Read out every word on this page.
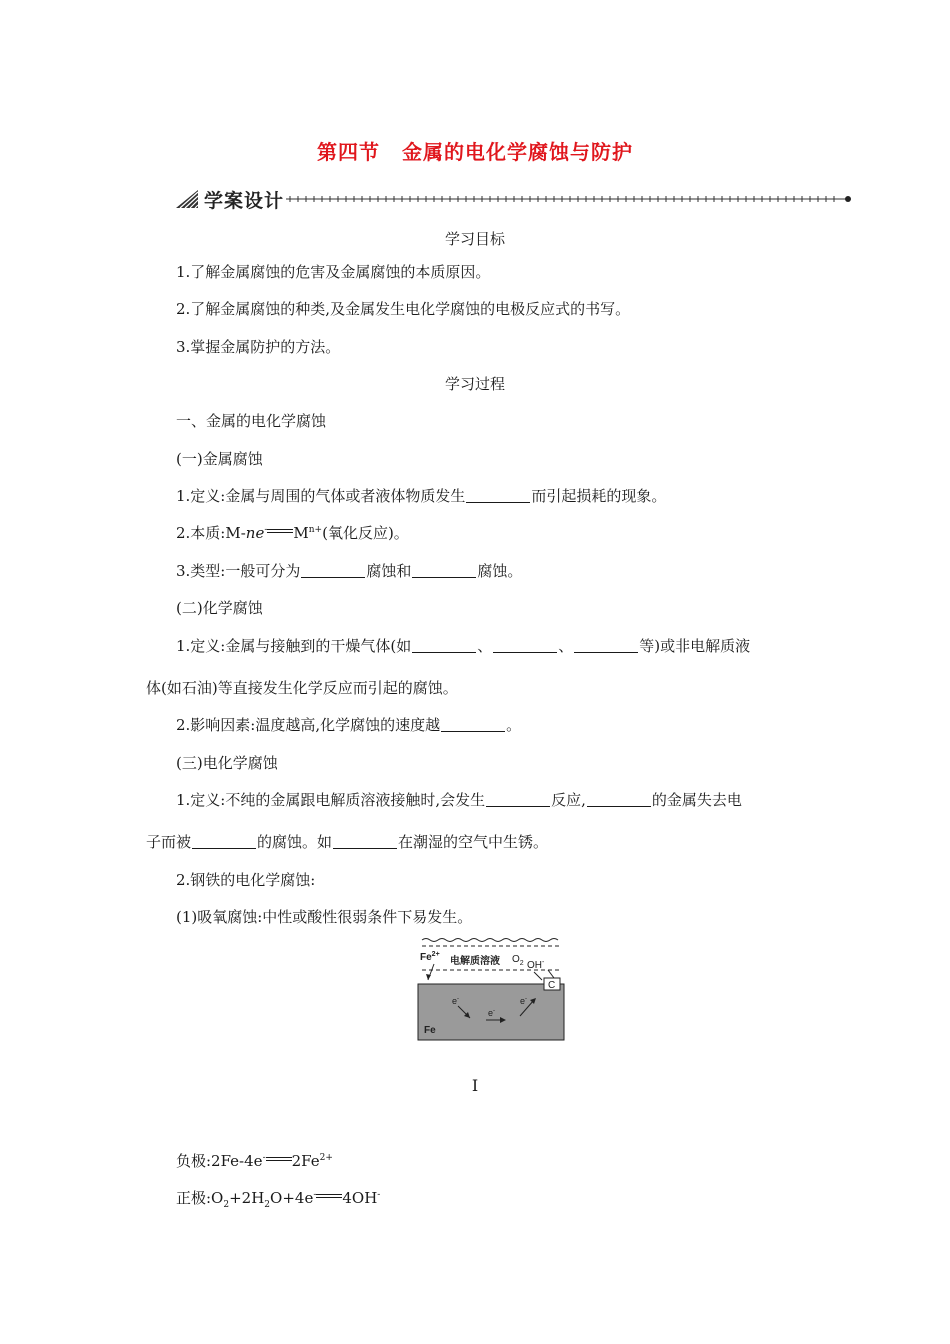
第四节 金属的电化学腐蚀与防护
学案设计
学习目标
1.了解金属腐蚀的危害及金属腐蚀的本质原因。
2.了解金属腐蚀的种类,及金属发生电化学腐蚀的电极反应式的书写。
3.掌握金属防护的方法。
学习过程
一、金属的电化学腐蚀
(一)金属腐蚀
1.定义:金属与周围的气体或者液体物质发生	而引起损耗的现象。
2.本质:M-ne- $M^{n+}$(氧化反应)。
3.类型:一般可分为	腐蚀和	腐蚀。
(二)化学腐蚀
1.定义:金属与接触到的干燥气体(如	、	、	等)或非电解质液
体(如石油)等直接发生化学反应而引起的腐蚀。
2.影响因素:温度越高,化学腐蚀的速度越	。
(三)电化学腐蚀
1.定义:不纯的金属跟电解质溶液接触时,会发生	反应,	的金属失去电
子而被	的腐蚀。如	在潮湿的空气中生锈。
2.钢铁的电化学腐蚀:
(1)吸氧腐蚀:中性或酸性很弱条件下易发生。
$Fe^{2+}$
电解质溶液 $O_2$ OH-
C
Fe
e-
e-
e-
Ⅰ
负极:2Fe-4e- $2Fe^{2+}$
正极$:O_2+2H_2O+4e^-$ 4OH-
